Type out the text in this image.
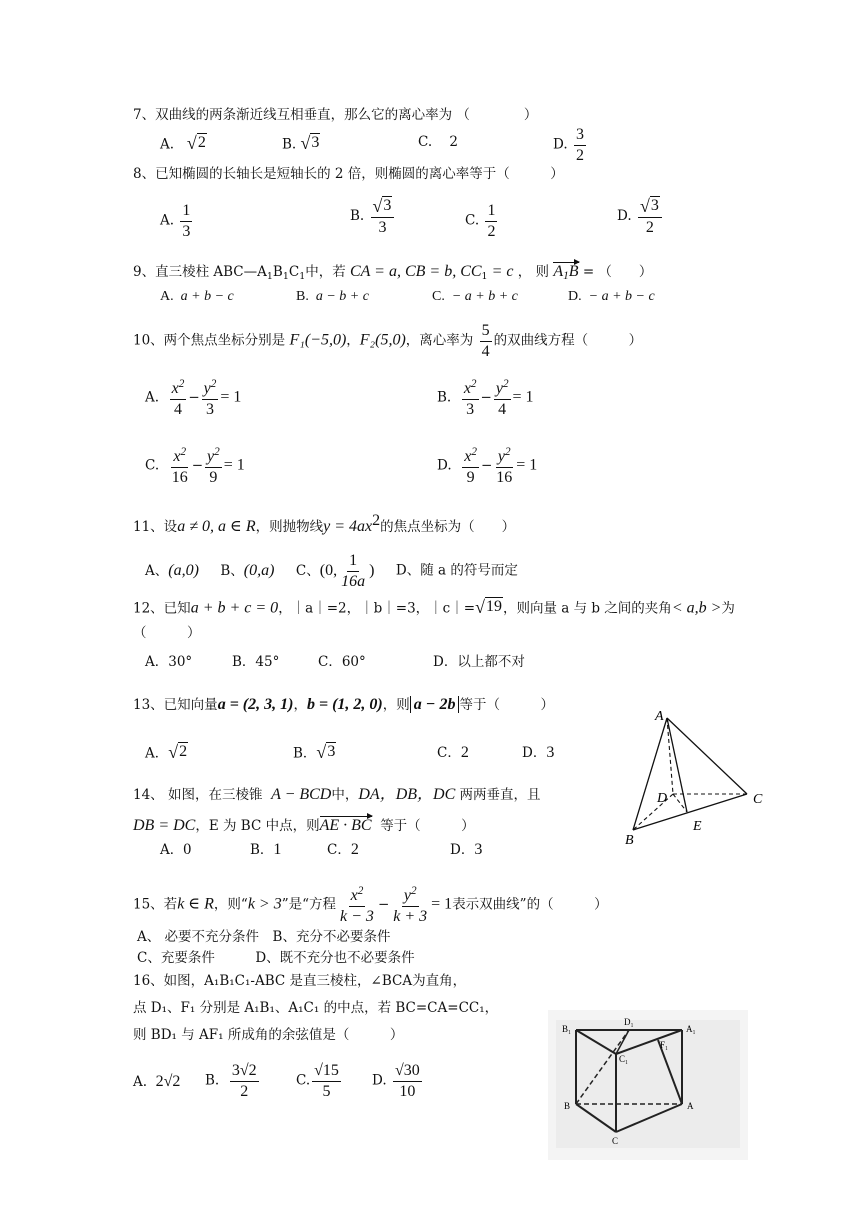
7、双曲线的两条渐近线互相垂直，那么它的离心率为 （　　　　）
A. √ 2	B. √ 3	C. 2	D. $\frac{3}{2}$
8、已知椭圆的长轴长是短轴长的 2 倍，则椭圆的离心率等于（　　　）
A. $\frac{1}{3}$	B. $\frac{√ 3}{3}$	C. $\frac{1}{2}$	D. $\frac{√ 3}{2}$
9、直三棱柱 $ABC—A_1B_1C_1$中，若 CA = a, CB = b, $CC_1 = c$ ， 则 $A_1B$ = （　　）
A. a + b − c	B. a − b + c	C. − a + b + c	D. − a + b − c
10、两个焦点坐标分别是 F₁(−5,0)，F₂(5,0)，离心率为 $\frac{5}{4}$ 的双曲线方程（　　　）
A. $\frac{x^2}{4} - \frac{y^2}{3} = 1$	B. $\frac{x^2}{3} - \frac{y^2}{4} = 1$
C. $\frac{x^2}{16} - \frac{y^2}{9} = 1$	D. $\frac{x^2}{9} - \frac{y^2}{16} = 1$
11、设a ≠ 0, a ∈ R，则抛物线$y = 4ax^2$的焦点坐标为（　　）
A、(a,0) B、(0,a) C、(0, $\frac{1}{16a}$ ) D、随 a 的符号而定
12、已知a + b + c = 0，｜a｜=2，｜b｜=3，｜c｜= √ 19 ，则向量 a 与 b 之间的夹角< a,b >为
（　　　）
A．30°	B．45°	C．60°	D．以上都不对
13、已知向量a = (2, 3, 1)，b = (1, 2, 0)，则 a − 2b 等于（　　　）
A． √ 2	B． √ 3	C．2	D．3
14、 如图，在三棱锥 A − BCD中，DA，DB，DC 两两垂直，且
DB = DC，E 为 BC 中点，则AE · BC 等于（　　　）
A．0	B．1	C．2	D．3
A
B
C
D
E
15、若k ∈ R，则“k > 3”是“方程 $\frac{x^2}{k - 3} - \frac{y^2}{k + 3} = 1$表示双曲线”的（　　　）
A、 必要不充分条件　B、充分不必要条件
C、充要条件　　　D、既不充分也不必要条件
16、如图，A₁B₁C₁-ABC 是直三棱柱，∠BCA为直角，
点 D₁、F₁ 分别是 A₁B₁、A₁C₁ 的中点，若 BC=CA=CC₁，
则 BD₁ 与 AF₁ 所成角的余弦值是（　　　）
A. 2√2 B. $\frac{3√2}{2}$	C. $\frac{√15}{5} D$. $\frac{√30}{10}$
B₁
D₁
A₁
C₁
F₁
B	A
C
